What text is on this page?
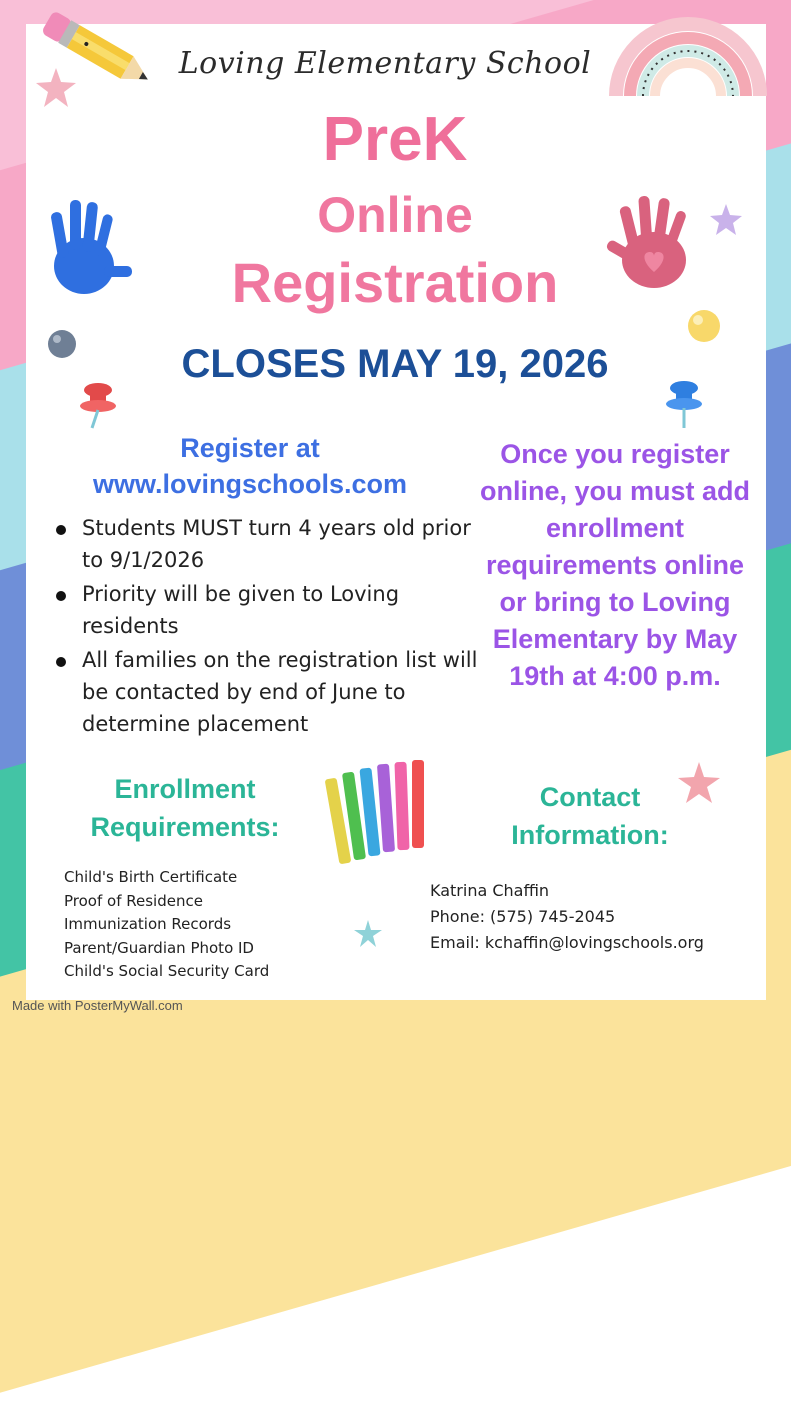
Loving Elementary School
PreK
Online
Registration
CLOSES MAY 19, 2026
Register at
www.lovingschools.com
Students MUST turn 4 years old prior to 9/1/2026
Priority will be given to Loving residents
All families on the registration list will be contacted by end of June to determine placement
Once you register online, you must add enrollment requirements online or bring to Loving Elementary by May 19th at 4:00 p.m.
Enrollment
Requirements:
Contact
Information:
Child's Birth Certificate
Proof of Residence
Immunization Records
Parent/Guardian Photo ID
Child's Social Security Card
Katrina Chaffin
Phone: (575) 745-2045
Email: kchaffin@lovingschools.org
Made with PosterMyWall.com
